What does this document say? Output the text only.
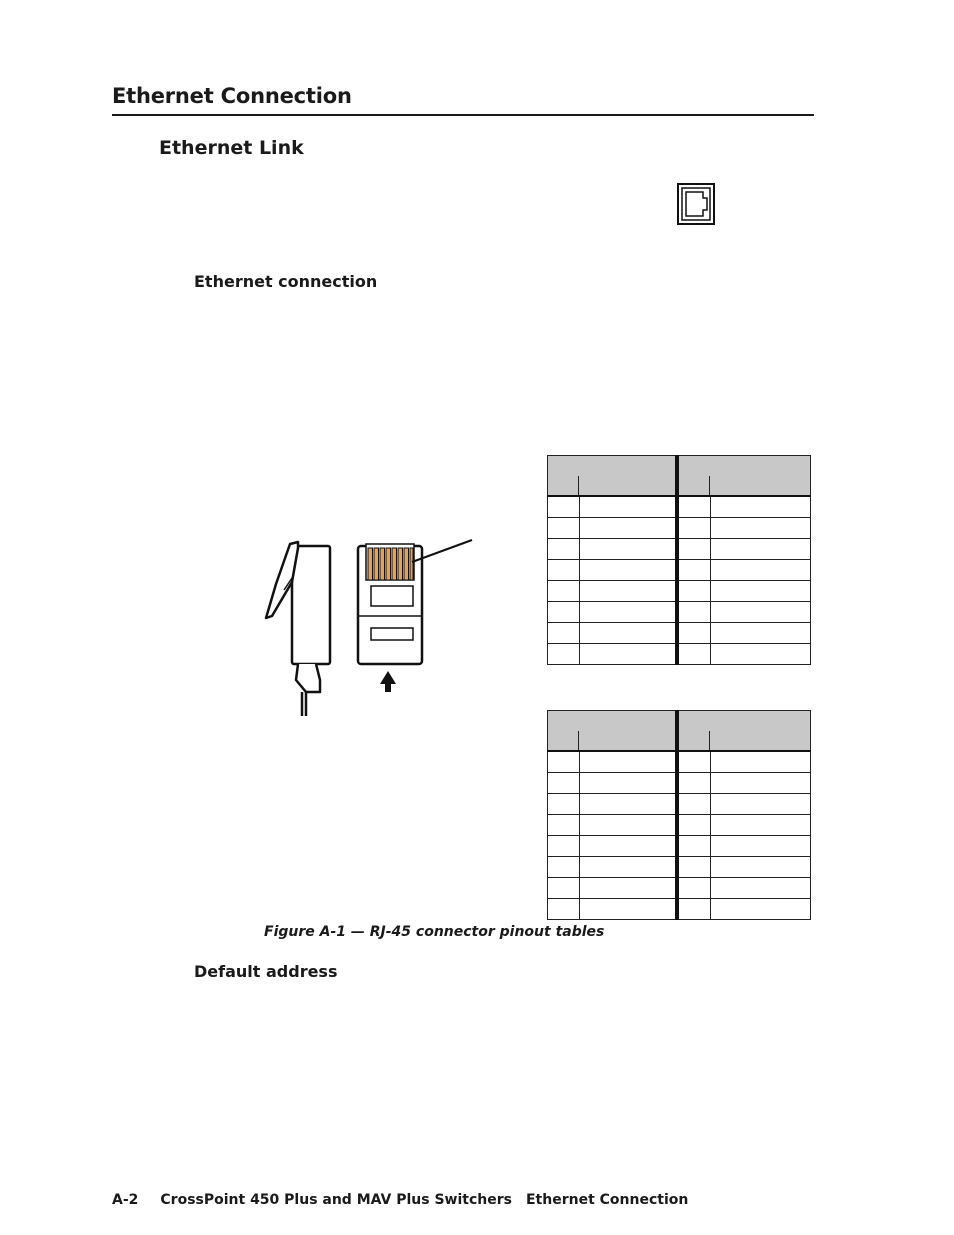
Ethernet Connection
Ethernet Link
Ethernet connection

Figure A-1 — RJ-45 connector pinout tables
Default address
A-2 CrossPoint 450 Plus and MAV Plus Switchers Ethernet Connection
